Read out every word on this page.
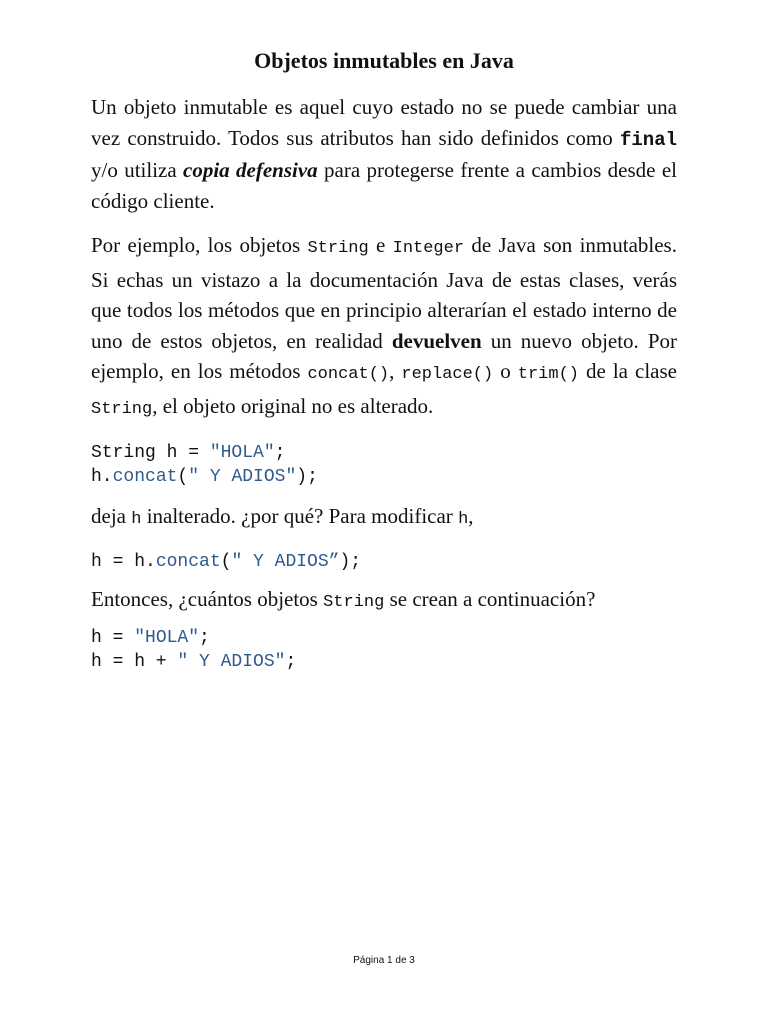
Objetos inmutables en Java

Un objeto inmutable es aquel cuyo estado no se puede cambiar una vez construido. Todos sus atributos han sido definidos como final y/o utiliza copia defensiva para protegerse frente a cambios desde el código cliente.

Por ejemplo, los objetos String e Integer de Java son inmutables. Si echas un vistazo a la documentación Java de estas clases, verás que todos los métodos que en principio alterarían el estado interno de uno de estos objetos, en realidad devuelven un nuevo objeto. Por ejemplo, en los métodos concat(), replace() o trim() de la clase String, el objeto original no es alterado.

String h = "HOLA";
h.concat(" Y ADIOS");

deja h inalterado. ¿por qué? Para modificar h,

h = h.concat(" Y ADIOS”);

Entonces, ¿cuántos objetos String se crean a continuación?

h = "HOLA";
h = h + " Y ADIOS";
Página 1 de 3
